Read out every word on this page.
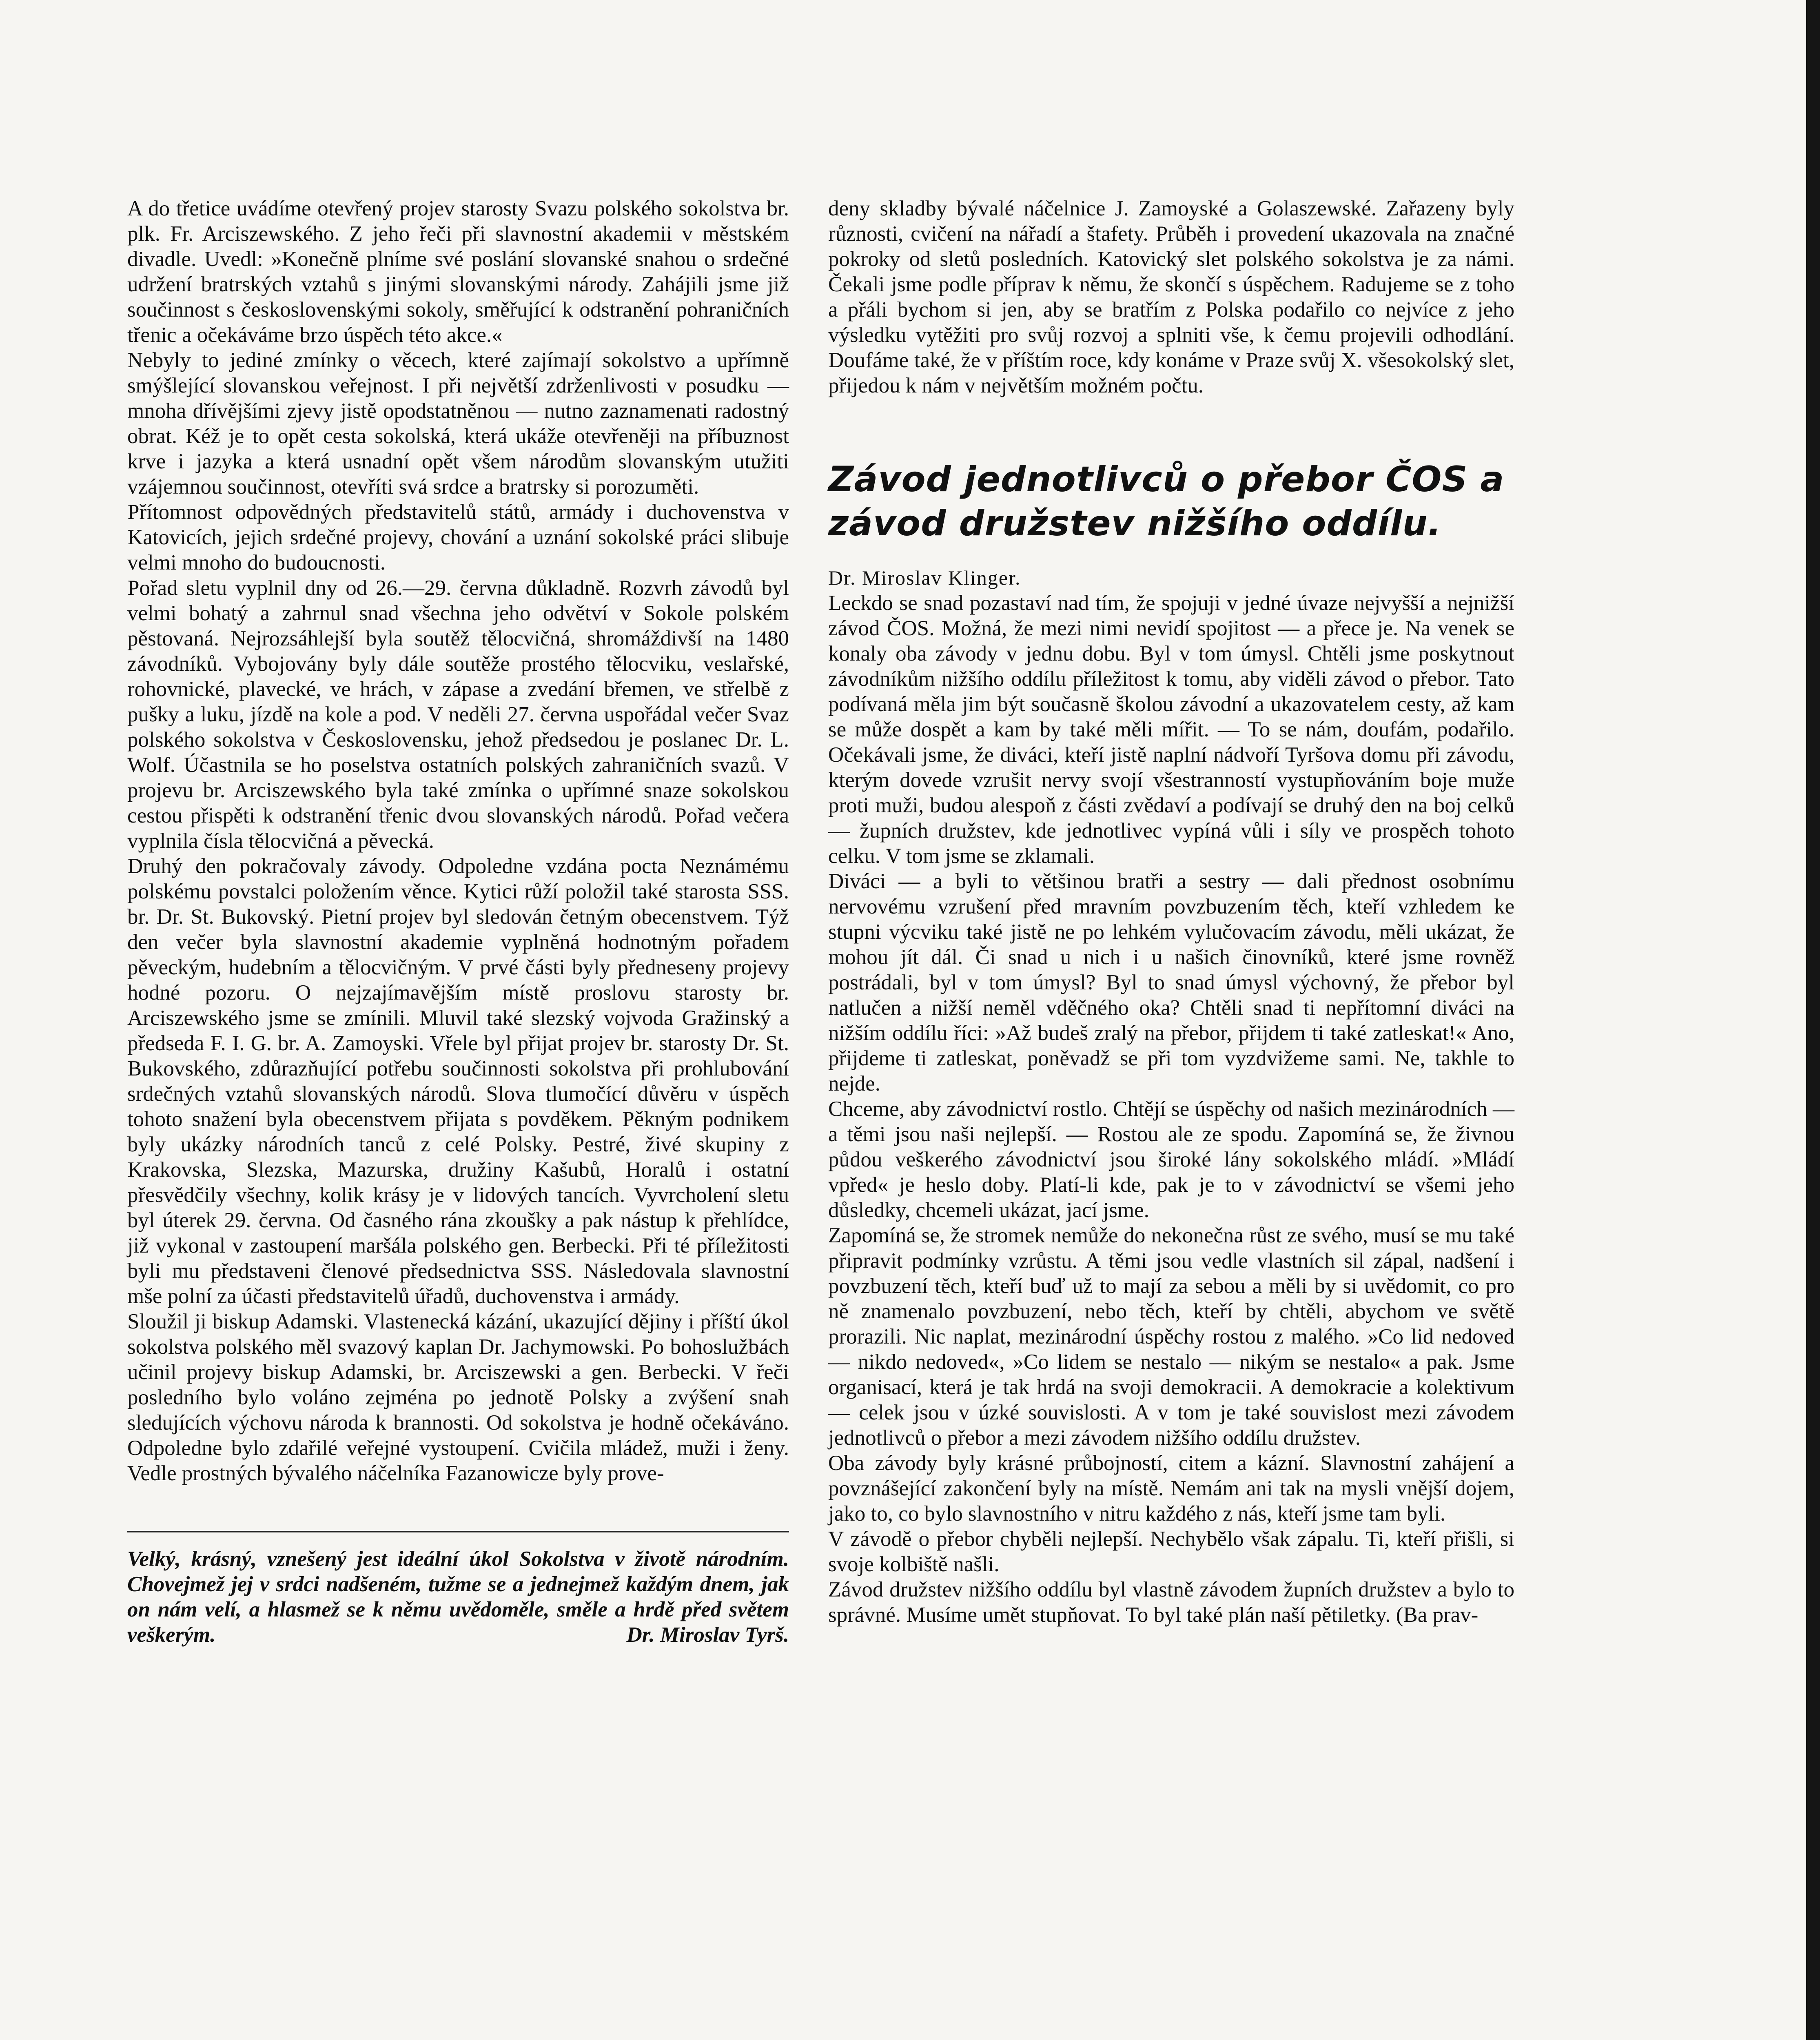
A do třetice uvádíme otevřený projev starosty Svazu polského sokolstva br. plk. Fr. Arciszewského. Z jeho řeči při slavnostní akademii v městském divadle. Uvedl: »Konečně plníme své poslání slovanské snahou o srdečné udržení bratrských vztahů s jinými slovanskými národy. Zahájili jsme již součinnost s československými sokoly, směřující k odstranění pohraničních třenic a očekáváme brzo úspěch této akce.«

Nebyly to jediné zmínky o věcech, které zajímají sokolstvo a upřímně smýšlející slovanskou veřejnost. I při největší zdrženlivosti v posudku — mnoha dřívějšími zjevy jistě opodstatněnou — nutno zaznamenati radostný obrat. Kéž je to opět cesta sokolská, která ukáže otevřeněji na příbuznost krve i jazyka a která usnadní opět všem národům slovanským utužiti vzájemnou součinnost, otevříti svá srdce a bratrsky si porozuměti.

Přítomnost odpovědných představitelů států, armády i duchovenstva v Katovicích, jejich srdečné projevy, chování a uznání sokolské práci slibuje velmi mnoho do budoucnosti.

Pořad sletu vyplnil dny od 26.—29. června důkladně. Rozvrh závodů byl velmi bohatý a zahrnul snad všechna jeho odvětví v Sokole polském pěstovaná. Nejrozsáhlejší byla soutěž tělocvičná, shromáždivší na 1480 závodníků. Vybojovány byly dále soutěže prostého tělocviku, veslařské, rohovnické, plavecké, ve hrách, v zápase a zvedání břemen, ve střelbě z pušky a luku, jízdě na kole a pod. V neděli 27. června uspořádal večer Svaz polského sokolstva v Československu, jehož předsedou je poslanec Dr. L. Wolf. Účastnila se ho poselstva ostatních polských zahraničních svazů. V projevu br. Arciszewského byla také zmínka o upřímné snaze sokolskou cestou přispěti k odstranění třenic dvou slovanských národů. Pořad večera vyplnila čísla tělocvičná a pěvecká.

Druhý den pokračovaly závody. Odpoledne vzdána pocta Neznámému polskému povstalci položením věnce. Kytici růží položil také starosta SSS. br. Dr. St. Bukovský. Pietní projev byl sledován četným obecenstvem. Týž den večer byla slavnostní akademie vyplněná hodnotným pořadem pěveckým, hudebním a tělocvičným. V prvé části byly předneseny projevy hodné pozoru. O nejzajímavějším místě proslovu starosty br. Arciszewského jsme se zmínili. Mluvil také slezský vojvoda Gražinský a předseda F. I. G. br. A. Zamoyski. Vřele byl přijat projev br. starosty Dr. St. Bukovského, zdůrazňující potřebu součinnosti sokolstva při prohlubování srdečných vztahů slovanských národů. Slova tlumočící důvěru v úspěch tohoto snažení byla obecenstvem přijata s povděkem. Pěkným podnikem byly ukázky národních tanců z celé Polsky. Pestré, živé skupiny z Krakovska, Slezska, Mazurska, družiny Kašubů, Horalů i ostatní přesvědčily všechny, kolik krásy je v lidových tancích. Vyvrcholení sletu byl úterek 29. června. Od časného rána zkoušky a pak nástup k přehlídce, již vykonal v zastoupení maršála polského gen. Berbecki. Při té příležitosti byli mu představeni členové předsednictva SSS. Následovala slavnostní mše polní za účasti představitelů úřadů, duchovenstva i armády.

Sloužil ji biskup Adamski. Vlastenecká kázání, ukazující dějiny i příští úkol sokolstva polského měl svazový kaplan Dr. Jachymowski. Po bohoslužbách učinil projevy biskup Adamski, br. Arciszewski a gen. Berbecki. V řeči posledního bylo voláno zejména po jednotě Polsky a zvýšení snah sledujících výchovu národa k brannosti. Od sokolstva je hodně očekáváno. Odpoledne bylo zdařilé veřejné vystoupení. Cvičila mládež, muži i ženy. Vedle prostných bývalého náčelníka Fazanowicze byly prove-

Velký, krásný, vznešený jest ideální úkol Sokolstva v životě národním. Chovejmež jej v srdci nadšeném, tužme se a jednejmež každým dnem, jak on nám velí, a hlasmež se k němu uvědoměle, směle a hrdě před světem veškerým.	Dr. Miroslav Tyrš.

deny skladby bývalé náčelnice J. Zamoyské a Golaszewské. Zařazeny byly různosti, cvičení na nářadí a štafety. Průběh i provedení ukazovala na značné pokroky od sletů posledních. Katovický slet polského sokolstva je za námi. Čekali jsme podle příprav k němu, že skončí s úspěchem. Radujeme se z toho a přáli bychom si jen, aby se bratřím z Polska podařilo co nejvíce z jeho výsledku vytěžiti pro svůj rozvoj a splniti vše, k čemu projevili odhodlání. Doufáme také, že v příštím roce, kdy konáme v Praze svůj X. všesokolský slet, přijedou k nám v největším možném počtu.

Závod jednotlivců o přebor ČOS a závod družstev nižšího oddílu.

Dr. Miroslav Klinger.

Leckdo se snad pozastaví nad tím, že spojuji v jedné úvaze nejvyšší a nejnižší závod ČOS. Možná, že mezi nimi nevidí spojitost — a přece je. Na venek se konaly oba závody v jednu dobu. Byl v tom úmysl. Chtěli jsme poskytnout závodníkům nižšího oddílu příležitost k tomu, aby viděli závod o přebor. Tato podívaná měla jim být současně školou závodní a ukazovatelem cesty, až kam se může dospět a kam by také měli mířit. — To se nám, doufám, podařilo. Očekávali jsme, že diváci, kteří jistě naplní nádvoří Tyršova domu při závodu, kterým dovede vzrušit nervy svojí všestranností vystupňováním boje muže proti muži, budou alespoň z části zvědaví a podívají se druhý den na boj celků — župních družstev, kde jednotlivec vypíná vůli i síly ve prospěch tohoto celku. V tom jsme se zklamali.

Diváci — a byli to většinou bratři a sestry — dali přednost osobnímu nervovému vzrušení před mravním povzbuzením těch, kteří vzhledem ke stupni výcviku také jistě ne po lehkém vylučovacím závodu, měli ukázat, že mohou jít dál. Či snad u nich i u našich činovníků, které jsme rovněž postrádali, byl v tom úmysl? Byl to snad úmysl výchovný, že přebor byl natlučen a nižší neměl vděčného oka? Chtěli snad ti nepřítomní diváci na nižším oddílu říci: »Až budeš zralý na přebor, přijdem ti také zatleskat!« Ano, přijdeme ti zatleskat, poněvadž se při tom vyzdvižeme sami. Ne, takhle to nejde.

Chceme, aby závodnictví rostlo. Chtějí se úspěchy od našich mezinárodních — a těmi jsou naši nejlepší. — Rostou ale ze spodu. Zapomíná se, že živnou půdou veškerého závodnictví jsou široké lány sokolského mládí. »Mládí vpřed« je heslo doby. Platí-li kde, pak je to v závodnictví se všemi jeho důsledky, chcemeli ukázat, jací jsme.

Zapomíná se, že stromek nemůže do nekonečna růst ze svého, musí se mu také připravit podmínky vzrůstu. A těmi jsou vedle vlastních sil zápal, nadšení i povzbuzení těch, kteří buď už to mají za sebou a měli by si uvědomit, co pro ně znamenalo povzbuzení, nebo těch, kteří by chtěli, abychom ve světě prorazili. Nic naplat, mezinárodní úspěchy rostou z malého. »Co lid nedoved — nikdo nedoved«, »Co lidem se nestalo — nikým se nestalo« a pak. Jsme organisací, která je tak hrdá na svoji demokracii. A demokracie a kolektivum — celek jsou v úzké souvislosti. A v tom je také souvislost mezi závodem jednotlivců o přebor a mezi závodem nižšího oddílu družstev.

Oba závody byly krásné průbojností, citem a kázní. Slavnostní zahájení a povznášející zakončení byly na místě. Nemám ani tak na mysli vnější dojem, jako to, co bylo slavnostního v nitru každého z nás, kteří jsme tam byli.

V závodě o přebor chyběli nejlepší. Nechybělo však zápalu. Ti, kteří přišli, si svoje kolbiště našli.

Závod družstev nižšího oddílu byl vlastně závodem župních družstev a bylo to správné. Musíme umět stupňovat. To byl také plán naší pětiletky. (Ba prav-
